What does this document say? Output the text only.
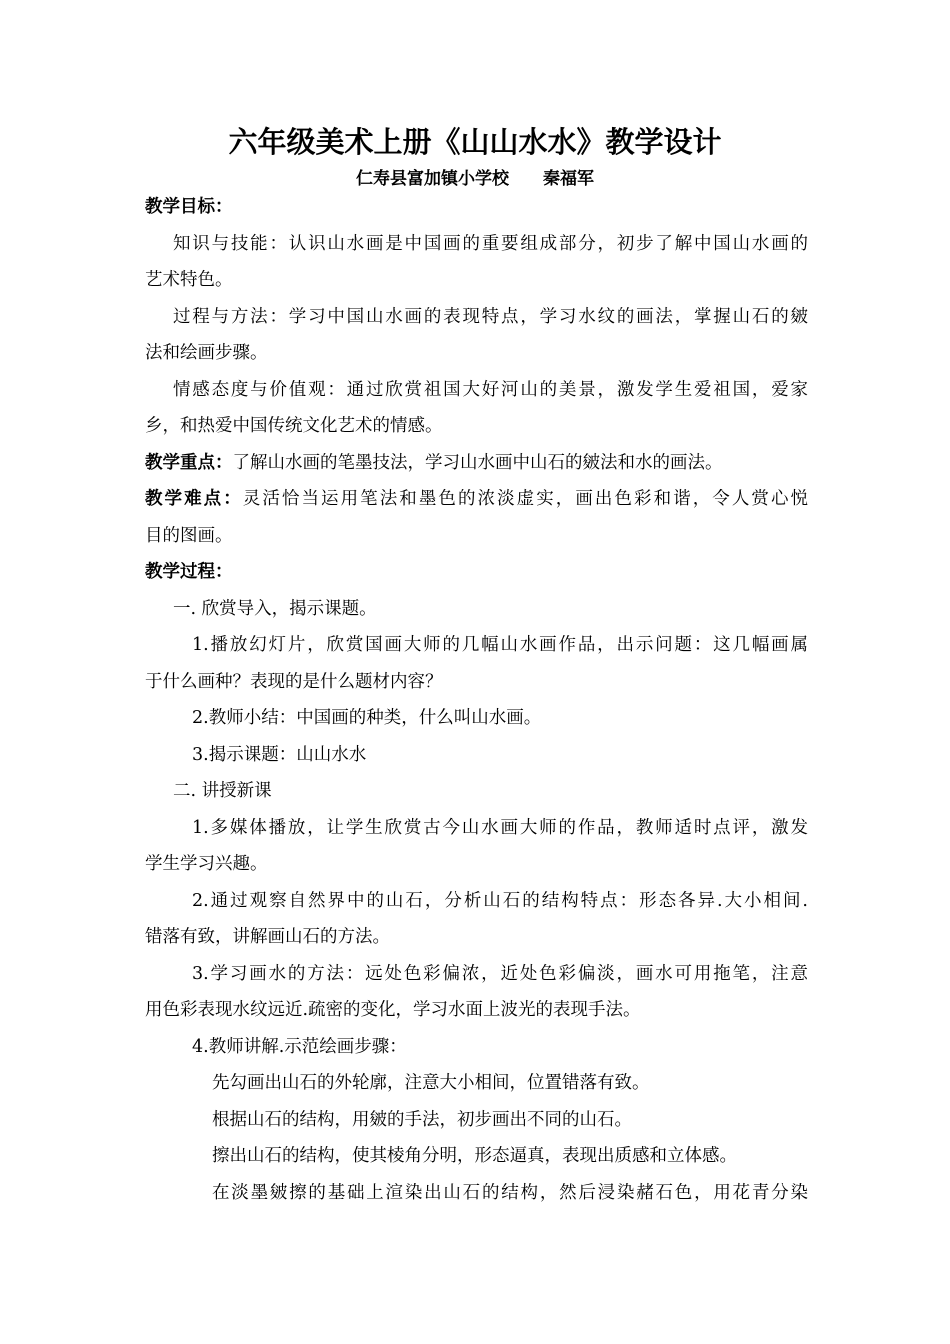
六年级美术上册《山山水水》教学设计
仁寿县富加镇小学校 秦福军
教学目标：
知识与技能：认识山水画是中国画的重要组成部分，初步了解中国山水画的
艺术特色。
过程与方法：学习中国山水画的表现特点，学习水纹的画法，掌握山石的皴
法和绘画步骤。
情感态度与价值观：通过欣赏祖国大好河山的美景，激发学生爱祖国，爱家
乡，和热爱中国传统文化艺术的情感。
教学重点：了解山水画的笔墨技法，学习山水画中山石的皴法和水的画法。
教学难点：灵活恰当运用笔法和墨色的浓淡虚实，画出色彩和谐，令人赏心悦
目的图画。
教学过程：
一. 欣赏导入，揭示课题。
1.播放幻灯片，欣赏国画大师的几幅山水画作品，出示问题：这几幅画属
于什么画种？表现的是什么题材内容？
2.教师小结：中国画的种类，什么叫山水画。
3.揭示课题：山山水水
二. 讲授新课
1.多媒体播放，让学生欣赏古今山水画大师的作品，教师适时点评，激发
学生学习兴趣。
2.通过观察自然界中的山石，分析山石的结构特点：形态各异.大小相间.
错落有致，讲解画山石的方法。
3.学习画水的方法：远处色彩偏浓，近处色彩偏淡，画水可用拖笔，注意
用色彩表现水纹远近.疏密的变化，学习水面上波光的表现手法。
4.教师讲解.示范绘画步骤：
先勾画出山石的外轮廓，注意大小相间，位置错落有致。
根据山石的结构，用皴的手法，初步画出不同的山石。
擦出山石的结构，使其棱角分明，形态逼真，表现出质感和立体感。
在淡墨皴擦的基础上渲染出山石的结构，然后浸染赭石色，用花青分染
